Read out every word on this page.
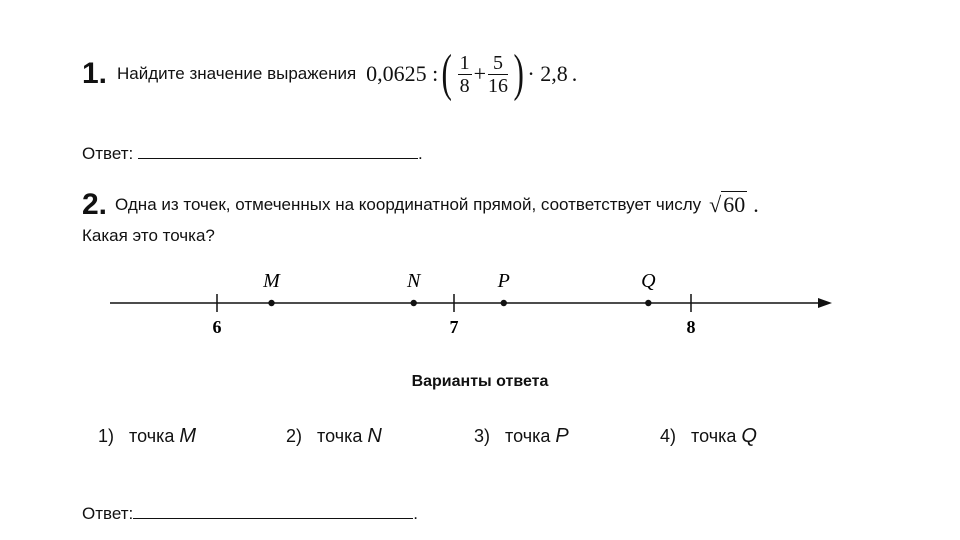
1. Найдите значение выражения 0,0625 : ( $\frac{1}{8} + \frac{5}{16}$ ) · 2,8 .
Ответ:	.
2. Одна из точек, отмеченных на координатной прямой, соответствует числу √60 .
Какая это точка?
6	7	8
M	N	P	Q
Варианты ответа
1) точка M	2) точка N	3) точка P	4) точка Q
Ответ:	.
